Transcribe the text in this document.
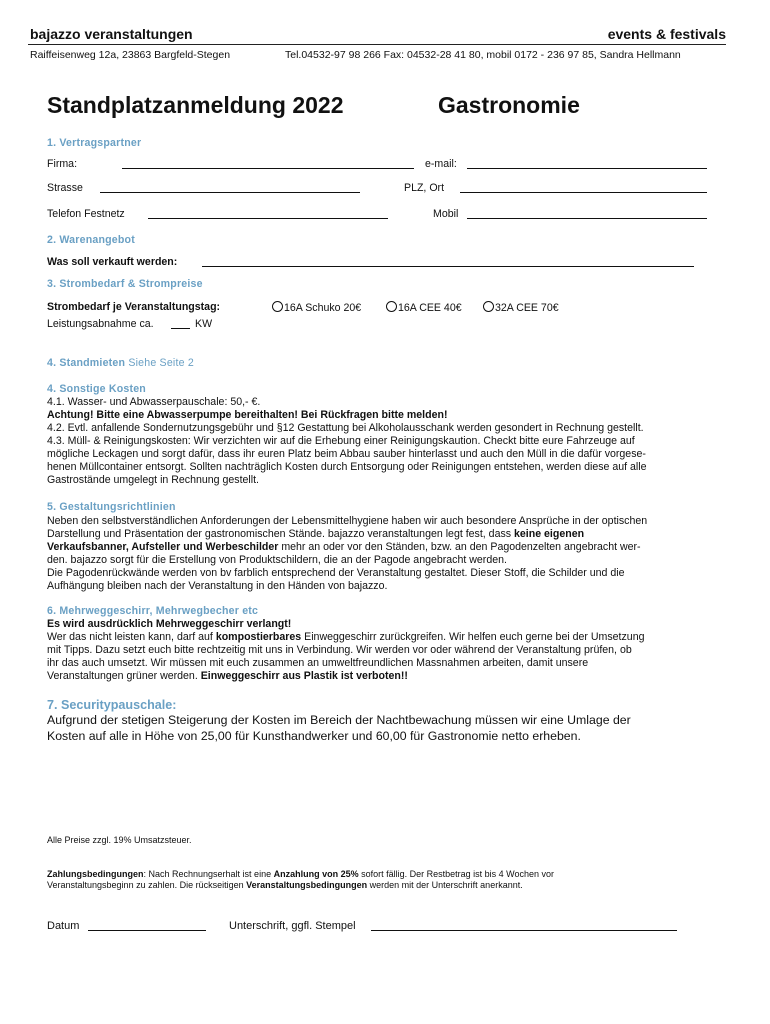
bajazzo veranstaltungen	events & festivals
Raiffeisenweg 12a, 23863 Bargfeld-Stegen	Tel.04532-97 98 266 Fax: 04532-28 41 80, mobil 0172 - 236 97 85, Sandra Hellmann
Standplatzanmeldung 2022	Gastronomie
1. Vertragspartner
Firma:	e-mail:
Strasse	PLZ, Ort
Telefon Festnetz	Mobil
2. Warenangebot
Was soll verkauft werden:
3. Strombedarf & Strompreise
Strombedarf je Veranstaltungstag:	16A Schuko 20€	16A CEE 40€	32A CEE 70€
Leistungsabnahme ca.	KW
4. Standmieten Siehe Seite 2
4. Sonstige Kosten
4.1. Wasser- und Abwasserpauschale: 50,- €.
Achtung! Bitte eine Abwasserpumpe bereithalten! Bei Rückfragen bitte melden!
4.2. Evtl. anfallende Sondernutzungsgebühr und §12 Gestattung bei Alkoholausschank werden gesondert in Rechnung gestellt.
4.3. Müll- & Reinigungskosten: Wir verzichten wir auf die Erhebung einer Reinigungskaution. Checkt bitte eure Fahrzeuge auf
mögliche Leckagen und sorgt dafür, dass ihr euren Platz beim Abbau sauber hinterlasst und auch den Müll in die dafür vorgese-
henen Müllcontainer entsorgt. Sollten nachträglich Kosten durch Entsorgung oder Reinigungen entstehen, werden diese auf alle
Gastrostände umgelegt in Rechnung gestellt.
5. Gestaltungsrichtlinien
Neben den selbstverständlichen Anforderungen der Lebensmittelhygiene haben wir auch besondere Ansprüche in der optischen
Darstellung und Präsentation der gastronomischen Stände. bajazzo veranstaltungen legt fest, dass keine eigenen
Verkaufsbanner, Aufsteller und Werbeschilder mehr an oder vor den Ständen, bzw. an den Pagodenzelten angebracht wer-
den. bajazzo sorgt für die Erstellung von Produktschildern, die an der Pagode angebracht werden.
Die Pagodenrückwände werden von bv farblich entsprechend der Veranstaltung gestaltet. Dieser Stoff, die Schilder und die
Aufhängung bleiben nach der Veranstaltung in den Händen von bajazzo.
6. Mehrweggeschirr, Mehrwegbecher etc
Es wird ausdrücklich Mehrweggeschirr verlangt!
Wer das nicht leisten kann, darf auf kompostierbares Einweggeschirr zurückgreifen. Wir helfen euch gerne bei der Umsetzung
mit Tipps. Dazu setzt euch bitte rechtzeitig mit uns in Verbindung. Wir werden vor oder während der Veranstaltung prüfen, ob
ihr das auch umsetzt. Wir müssen mit euch zusammen an umweltfreundlichen Massnahmen arbeiten, damit unsere
Veranstaltungen grüner werden. Einweggeschirr aus Plastik ist verboten!!
7. Securitypauschale:
Aufgrund der stetigen Steigerung der Kosten im Bereich der Nachtbewachung müssen wir eine Umlage der
Kosten auf alle in Höhe von 25,00 für Kunsthandwerker und 60,00 für Gastronomie netto erheben.
Alle Preise zzgl. 19% Umsatzsteuer.
Zahlungsbedingungen: Nach Rechnungserhalt ist eine Anzahlung von 25% sofort fällig. Der Restbetrag ist bis 4 Wochen vor
Veranstaltungsbeginn zu zahlen. Die rückseitigen Veranstaltungsbedingungen werden mit der Unterschrift anerkannt.
Datum	Unterschrift, ggfl. Stempel
